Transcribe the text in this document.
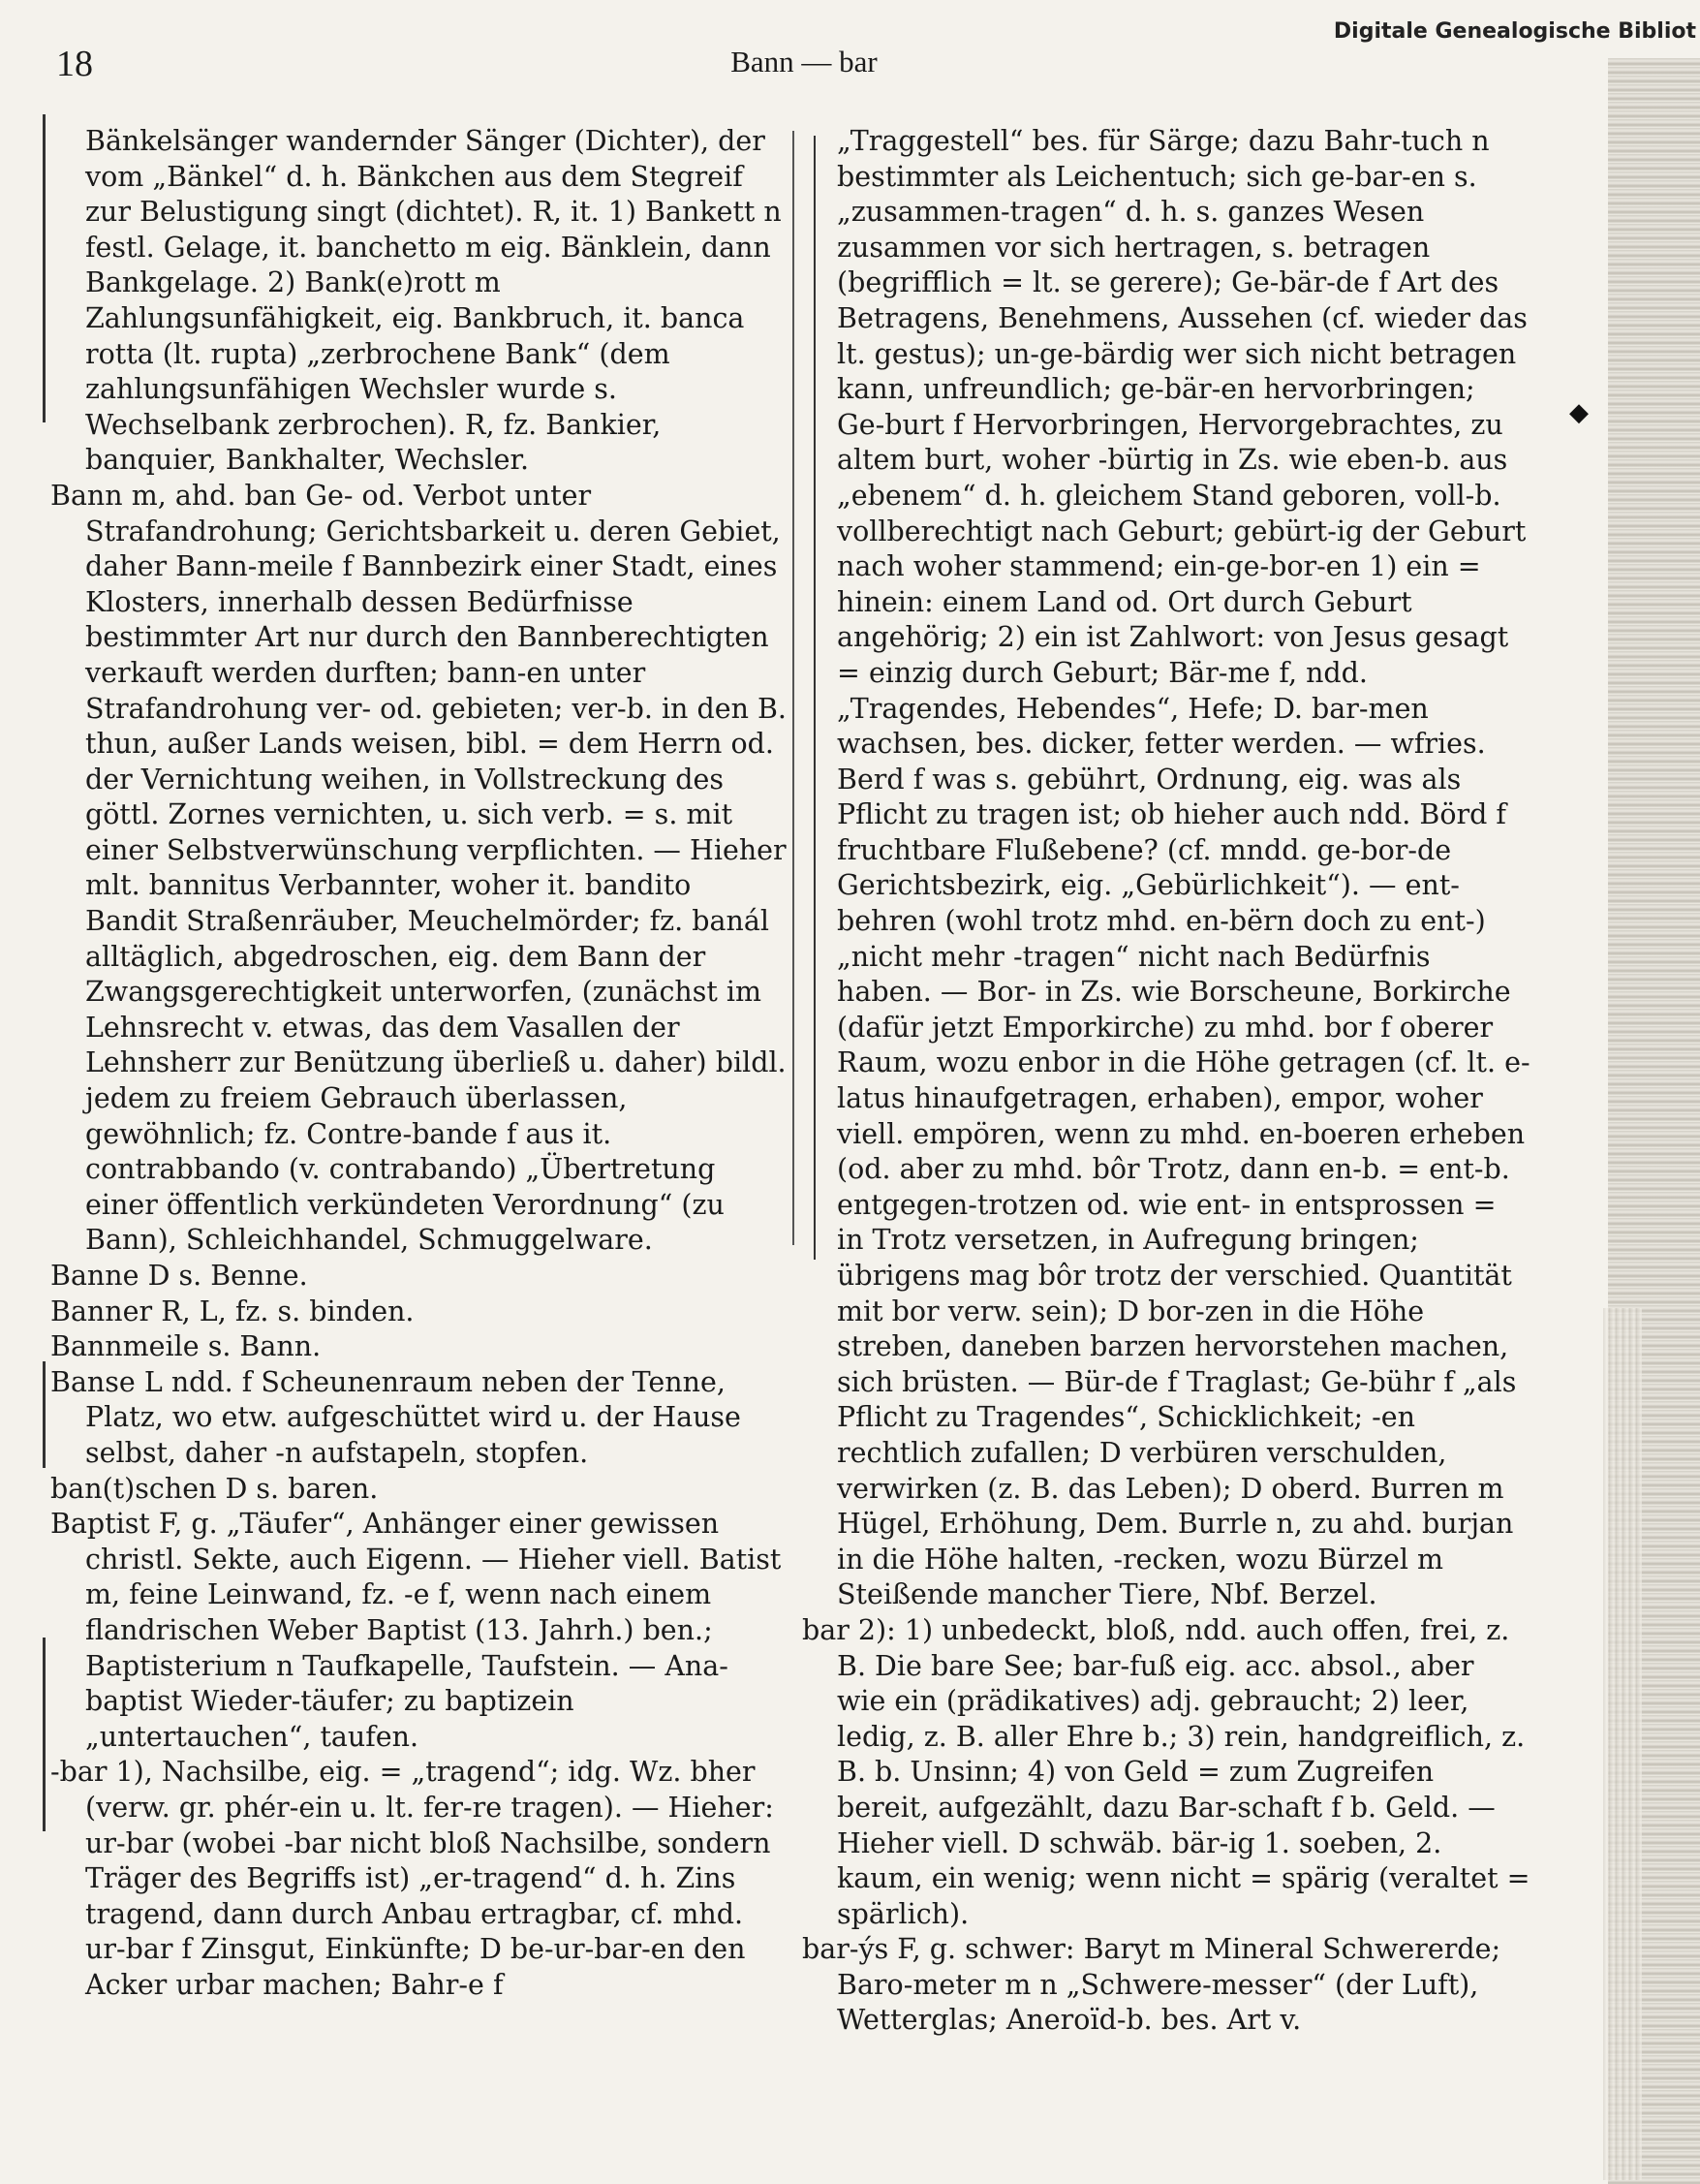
Digitale Genealogische Bibliot
18	Bann — bar
◆

Bänkelsänger wandernder Sänger (Dichter), der vom „Bänkel“ d. h. Bänkchen aus dem Stegreif zur Belustigung singt (dichtet). R, it. 1) Bankett n festl. Gelage, it. banchetto m eig. Bänklein, dann Bankgelage. 2) Bank(e)rott m Zahlungsunfähigkeit, eig. Bankbruch, it. banca rotta (lt. rupta) „zerbrochene Bank“ (dem zahlungsunfähigen Wechsler wurde s. Wechselbank zerbrochen). R, fz. Bankier, banquier, Bankhalter, Wechsler.

Bann m, ahd. ban Ge- od. Verbot unter Strafandrohung; Gerichtsbarkeit u. deren Gebiet, daher Bann-meile f Bannbezirk einer Stadt, eines Klosters, innerhalb dessen Bedürfnisse bestimmter Art nur durch den Bannberechtigten verkauft werden durften; bann-en unter Strafandrohung ver- od. gebieten; ver-b. in den B. thun, außer Lands weisen, bibl. = dem Herrn od. der Vernichtung weihen, in Vollstreckung des göttl. Zornes vernichten, u. sich verb. = s. mit einer Selbstverwünschung verpflichten. — Hieher mlt. bannitus Verbannter, woher it. bandito Bandit Straßenräuber, Meuchelmörder; fz. banál alltäglich, abgedroschen, eig. dem Bann der Zwangsgerechtigkeit unterworfen, (zunächst im Lehnsrecht v. etwas, das dem Vasallen der Lehnsherr zur Benützung überließ u. daher) bildl. jedem zu freiem Gebrauch überlassen, gewöhnlich; fz. Contre-bande f aus it. contrabbando (v. contrabando) „Übertretung einer öffentlich verkündeten Verordnung“ (zu Bann), Schleichhandel, Schmuggelware.

Banne D s. Benne.

Banner R, L, fz. s. binden.

Bannmeile s. Bann.

Banse L ndd. f Scheunenraum neben der Tenne, Platz, wo etw. aufgeschüttet wird u. der Hause selbst, daher -n aufstapeln, stopfen.

ban(t)schen D s. baren.

Baptist F, g. „Täufer“, Anhänger einer gewissen christl. Sekte, auch Eigenn. — Hieher viell. Batist m, feine Leinwand, fz. -e f, wenn nach einem flandrischen Weber Baptist (13. Jahrh.) ben.; Baptisterium n Taufkapelle, Taufstein. — Ana-baptist Wieder-täufer; zu baptizein „untertauchen“, taufen.

-bar 1), Nachsilbe, eig. = „tragend“; idg. Wz. bher (verw. gr. phér-ein u. lt. fer-re tragen). — Hieher: ur-bar (wobei -bar nicht bloß Nachsilbe, sondern Träger des Begriffs ist) „er-tragend“ d. h. Zins tragend, dann durch Anbau ertragbar, cf. mhd. ur-bar f Zinsgut, Einkünfte; D be-ur-bar-en den Acker urbar machen; Bahr-e f

„Traggestell“ bes. für Särge; dazu Bahr-tuch n bestimmter als Leichentuch; sich ge-bar-en s. „zusammen-tragen“ d. h. s. ganzes Wesen zusammen vor sich hertragen, s. betragen (begrifflich = lt. se gerere); Ge-bär-de f Art des Betragens, Benehmens, Aussehen (cf. wieder das lt. gestus); un-ge-bärdig wer sich nicht betragen kann, unfreundlich; ge-bär-en hervorbringen; Ge-burt f Hervorbringen, Hervorgebrachtes, zu altem burt, woher -bürtig in Zs. wie eben-b. aus „ebenem“ d. h. gleichem Stand geboren, voll-b. vollberechtigt nach Geburt; gebürt-ig der Geburt nach woher stammend; ein-ge-bor-en 1) ein = hinein: einem Land od. Ort durch Geburt angehörig; 2) ein ist Zahlwort: von Jesus gesagt = einzig durch Geburt; Bär-me f, ndd. „Tragendes, Hebendes“, Hefe; D. bar-men wachsen, bes. dicker, fetter werden. — wfries. Berd f was s. gebührt, Ordnung, eig. was als Pflicht zu tragen ist; ob hieher auch ndd. Börd f fruchtbare Flußebene? (cf. mndd. ge-bor-de Gerichtsbezirk, eig. „Gebürlichkeit“). — ent-behren (wohl trotz mhd. en-bërn doch zu ent-) „nicht mehr -tragen“ nicht nach Bedürfnis haben. — Bor- in Zs. wie Borscheune, Borkirche (dafür jetzt Emporkirche) zu mhd. bor f oberer Raum, wozu enbor in die Höhe getragen (cf. lt. e-latus hinaufgetragen, erhaben), empor, woher viell. empören, wenn zu mhd. en-boeren erheben (od. aber zu mhd. bôr Trotz, dann en-b. = ent-b. entgegen-trotzen od. wie ent- in entsprossen = in Trotz versetzen, in Aufregung bringen; übrigens mag bôr trotz der verschied. Quantität mit bor verw. sein); D bor-zen in die Höhe streben, daneben barzen hervorstehen machen, sich brüsten. — Bür-de f Traglast; Ge-bühr f „als Pflicht zu Tragendes“, Schicklichkeit; -en rechtlich zufallen; D verbüren verschulden, verwirken (z. B. das Leben); D oberd. Burren m Hügel, Erhöhung, Dem. Burrle n, zu ahd. burjan in die Höhe halten, -recken, wozu Bürzel m Steißende mancher Tiere, Nbf. Berzel.

bar 2): 1) unbedeckt, bloß, ndd. auch offen, frei, z. B. Die bare See; bar-fuß eig. acc. absol., aber wie ein (prädikatives) adj. gebraucht; 2) leer, ledig, z. B. aller Ehre b.; 3) rein, handgreiflich, z. B. b. Unsinn; 4) von Geld = zum Zugreifen bereit, aufgezählt, dazu Bar-schaft f b. Geld. — Hieher viell. D schwäb. bär-ig 1. soeben, 2. kaum, ein wenig; wenn nicht = spärig (veraltet = spärlich).

bar-ýs F, g. schwer: Baryt m Mineral Schwererde; Baro-meter m n „Schwere-messer“ (der Luft), Wetterglas; Aneroïd-b. bes. Art v.
